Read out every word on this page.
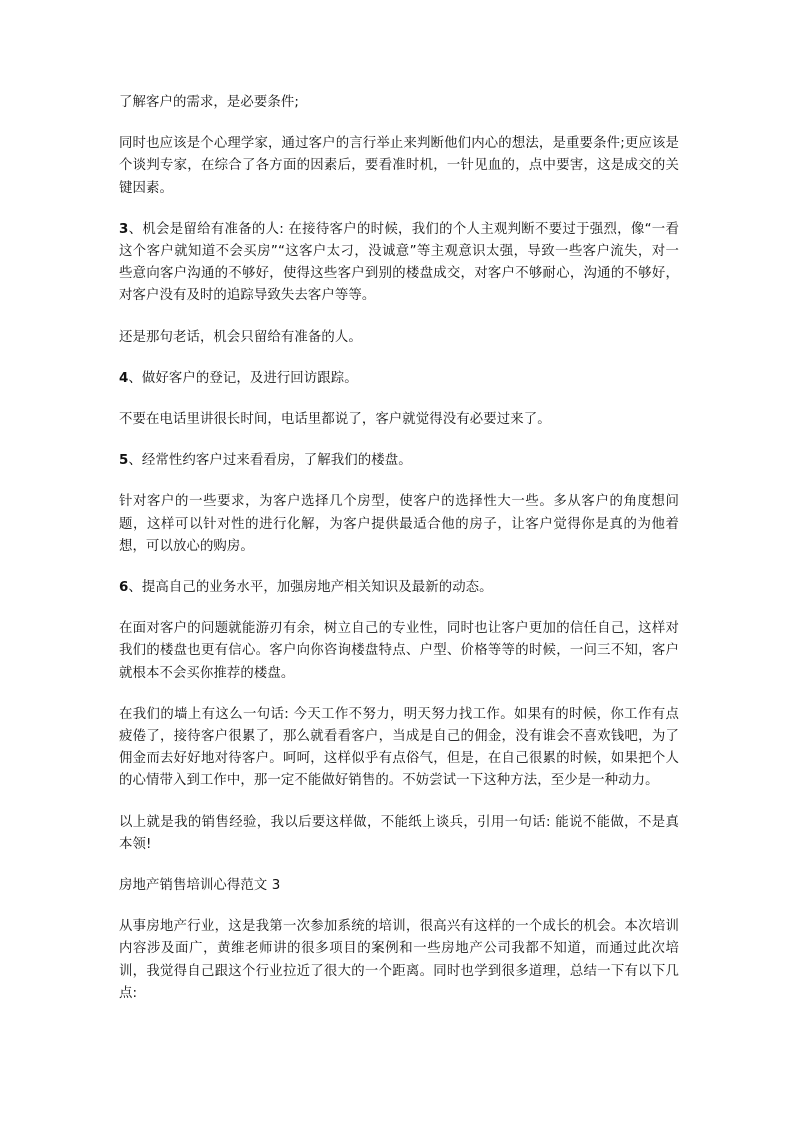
了解客户的需求，是必要条件;

同时也应该是个心理学家，通过客户的言行举止来判断他们内心的想法，是重要条件;更应该是个谈判专家，在综合了各方面的因素后，要看准时机，一针见血的，点中要害，这是成交的关键因素。

3、机会是留给有准备的人: 在接待客户的时候，我们的个人主观判断不要过于强烈，像“一看这个客户就知道不会买房”“这客户太刁，没诚意”等主观意识太强，导致一些客户流失，对一些意向客户沟通的不够好，使得这些客户到别的楼盘成交，对客户不够耐心，沟通的不够好，对客户没有及时的追踪导致失去客户等等。

还是那句老话，机会只留给有准备的人。

4、做好客户的登记，及进行回访跟踪。

不要在电话里讲很长时间，电话里都说了，客户就觉得没有必要过来了。

5、经常性约客户过来看看房，了解我们的楼盘。

针对客户的一些要求，为客户选择几个房型，使客户的选择性大一些。多从客户的角度想问题，这样可以针对性的进行化解，为客户提供最适合他的房子，让客户觉得你是真的为他着想，可以放心的购房。

6、提高自己的业务水平，加强房地产相关知识及最新的动态。

在面对客户的问题就能游刃有余，树立自己的专业性，同时也让客户更加的信任自己，这样对我们的楼盘也更有信心。客户向你咨询楼盘特点、户型、价格等等的时候，一问三不知，客户就根本不会买你推荐的楼盘。

在我们的墙上有这么一句话: 今天工作不努力，明天努力找工作。如果有的时候，你工作有点疲倦了，接待客户很累了，那么就看看客户，当成是自己的佣金，没有谁会不喜欢钱吧，为了佣金而去好好地对待客户。呵呵，这样似乎有点俗气，但是，在自己很累的时候，如果把个人的心情带入到工作中，那一定不能做好销售的。不妨尝试一下这种方法，至少是一种动力。

以上就是我的销售经验，我以后要这样做，不能纸上谈兵，引用一句话: 能说不能做，不是真本领!

房地产销售培训心得范文 3

从事房地产行业，这是我第一次参加系统的培训，很高兴有这样的一个成长的机会。本次培训内容涉及面广，黄维老师讲的很多项目的案例和一些房地产公司我都不知道，而通过此次培训，我觉得自己跟这个行业拉近了很大的一个距离。同时也学到很多道理，总结一下有以下几点:
